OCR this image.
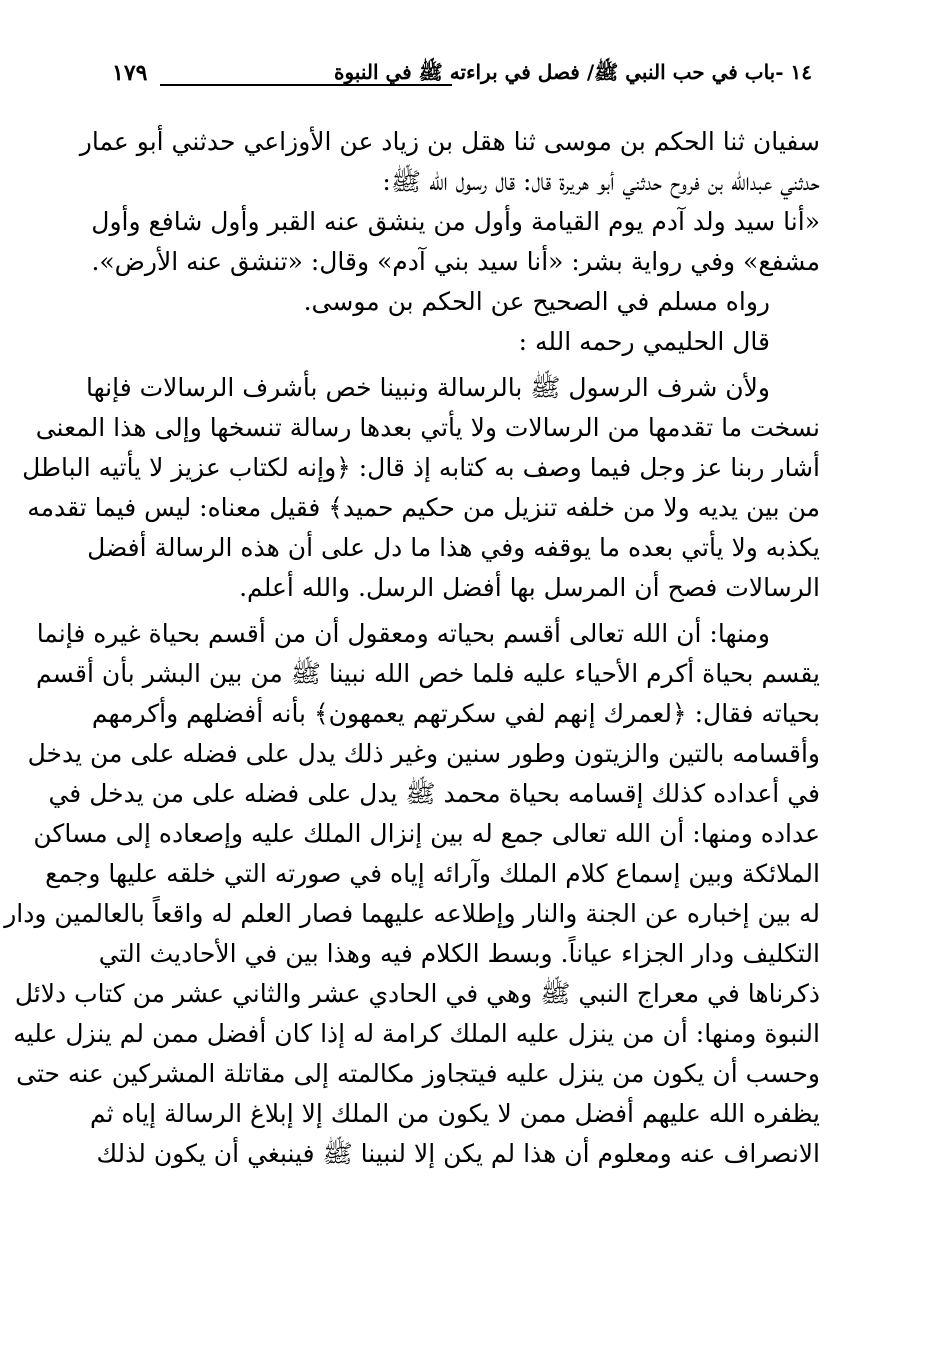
١٧٩	١٤ -باب في حب النبي ﷺ/ فصل في براءته ﷺ في النبوة
سفيان ثنا الحكم بن موسى ثنا هقل بن زياد عن الأوزاعي حدثني أبو عمار
حدثني عبدالله بن فروح حدثني أبو هريرة قال: قال رسول الله ﷺ:
«أنا سيد ولد آدم يوم القيامة وأول من ينشق عنه القبر وأول شافع وأول
مشفع» وفي رواية بشر: «أنا سيد بني آدم» وقال: «تنشق عنه الأرض».
رواه مسلم في الصحيح عن الحكم بن موسى.
قال الحليمي رحمه الله :
ولأن شرف الرسول ﷺ بالرسالة ونبينا خص بأشرف الرسالات فإنها
نسخت ما تقدمها من الرسالات ولا يأتي بعدها رسالة تنسخها وإلى هذا المعنى
أشار ربنا عز وجل فيما وصف به كتابه إذ قال: ﴿وإنه لكتاب عزيز لا يأتيه الباطل
من بين يديه ولا من خلفه تنزيل من حكيم حميد﴾ فقيل معناه: ليس فيما تقدمه
يكذبه ولا يأتي بعده ما يوقفه وفي هذا ما دل على أن هذه الرسالة أفضل
الرسالات فصح أن المرسل بها أفضل الرسل. والله أعلم.
ومنها: أن الله تعالى أقسم بحياته ومعقول أن من أقسم بحياة غيره فإنما
يقسم بحياة أكرم الأحياء عليه فلما خص الله نبينا ﷺ من بين البشر بأن أقسم
بحياته فقال: ﴿لعمرك إنهم لفي سكرتهم يعمهون﴾ بأنه أفضلهم وأكرمهم
وأقسامه بالتين والزيتون وطور سنين وغير ذلك يدل على فضله على من يدخل
في أعداده كذلك إقسامه بحياة محمد ﷺ يدل على فضله على من يدخل في
عداده ومنها: أن الله تعالى جمع له بين إنزال الملك عليه وإصعاده إلى مساكن
الملائكة وبين إسماع كلام الملك وآرائه إياه في صورته التي خلقه عليها وجمع
له بين إخباره عن الجنة والنار وإطلاعه عليهما فصار العلم له واقعاً بالعالمين ودار
التكليف ودار الجزاء عياناً. وبسط الكلام فيه وهذا بين في الأحاديث التي
ذكرناها في معراج النبي ﷺ وهي في الحادي عشر والثاني عشر من كتاب دلائل
النبوة ومنها: أن من ينزل عليه الملك كرامة له إذا كان أفضل ممن لم ينزل عليه
وحسب أن يكون من ينزل عليه فيتجاوز مكالمته إلى مقاتلة المشركين عنه حتى
يظفره الله عليهم أفضل ممن لا يكون من الملك إلا إبلاغ الرسالة إياه ثم
الانصراف عنه ومعلوم أن هذا لم يكن إلا لنبينا ﷺ فينبغي أن يكون لذلك
